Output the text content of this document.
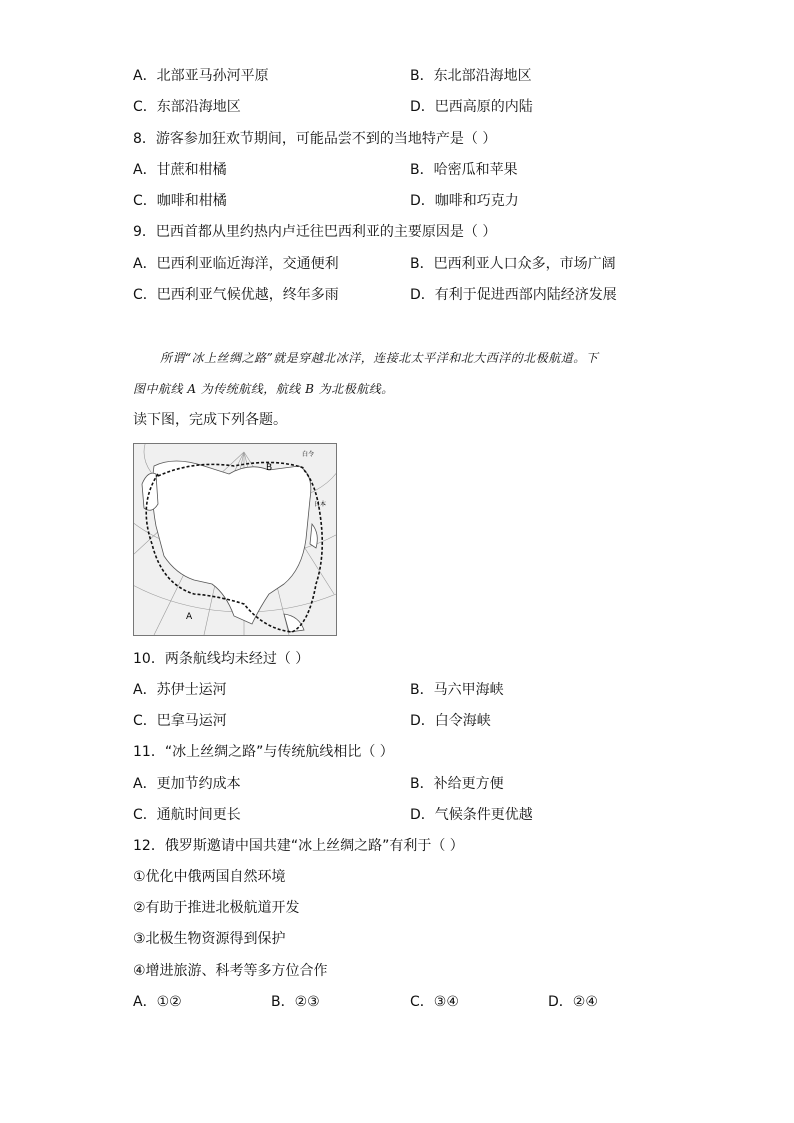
A．北部亚马孙河平原	B．东北部沿海地区
C．东部沿海地区	D．巴西高原的内陆
8．游客参加狂欢节期间，可能品尝不到的当地特产是（ ）
A．甘蔗和柑橘	B．哈密瓜和苹果
C．咖啡和柑橘	D．咖啡和巧克力
9．巴西首都从里约热内卢迁往巴西利亚的主要原因是（ ）
A．巴西利亚临近海洋，交通便利	B．巴西利亚人口众多，市场广阔
C．巴西利亚气候优越，终年多雨	D．有利于促进西部内陆经济发展
所谓“冰上丝绸之路”就是穿越北冰洋，连接北太平洋和北大西洋的北极航道。下
图中航线 A 为传统航线，航线 B 为北极航线。
读下图，完成下列各题。
A
B
白令
日本
10．两条航线均未经过（ ）
A．苏伊士运河	B．马六甲海峡
C．巴拿马运河	D．白令海峡
11．“冰上丝绸之路”与传统航线相比（ ）
A．更加节约成本	B．补给更方便
C．通航时间更长	D．气候条件更优越
12．俄罗斯邀请中国共建“冰上丝绸之路”有利于（ ）
①优化中俄两国自然环境
②有助于推进北极航道开发
③北极生物资源得到保护
④增进旅游、科考等多方位合作
A．①②	B．②③	C．③④	D．②④
